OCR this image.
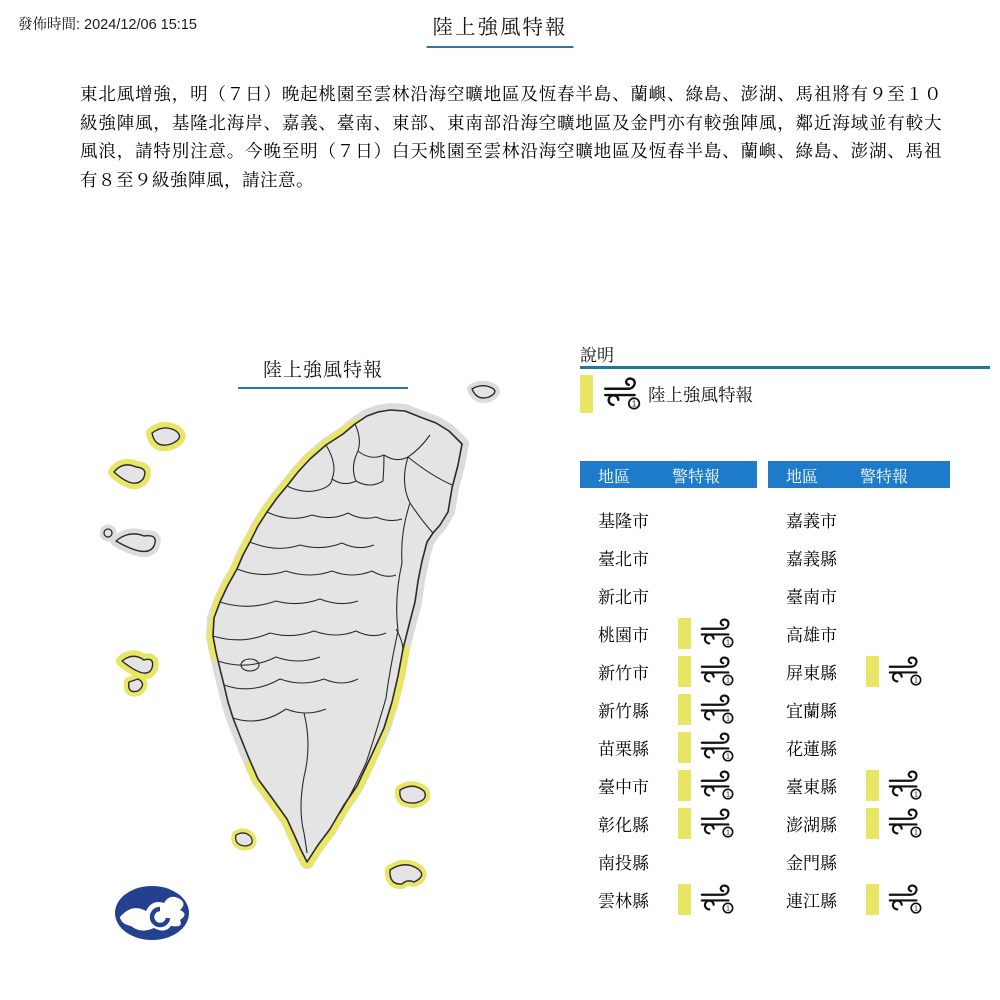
發佈時間: 2024/12/06 15:15	陸上強風特報
東北風增強，明（７日）晚起桃園至雲林沿海空曠地區及恆春半島、蘭嶼、綠島、澎湖、馬祖將有９至１０級強陣風，基隆北海岸、嘉義、臺南、東部、東南部沿海空曠地區及金門亦有較強陣風，鄰近海域並有較大風浪，請特別注意。今晚至明（７日）白天桃園至雲林沿海空曠地區及恆春半島、蘭嶼、綠島、澎湖、馬祖有８至９級強陣風，請注意。
陸上強風特報
說明
陸上強風特報
地區	警特報
基隆市
臺北市
新北市
桃園市
新竹市
新竹縣
苗栗縣
臺中市
彰化縣
南投縣
雲林縣
地區	警特報
嘉義市
嘉義縣
臺南市
高雄市
屏東縣
宜蘭縣
花蓮縣
臺東縣
澎湖縣
金門縣
連江縣
